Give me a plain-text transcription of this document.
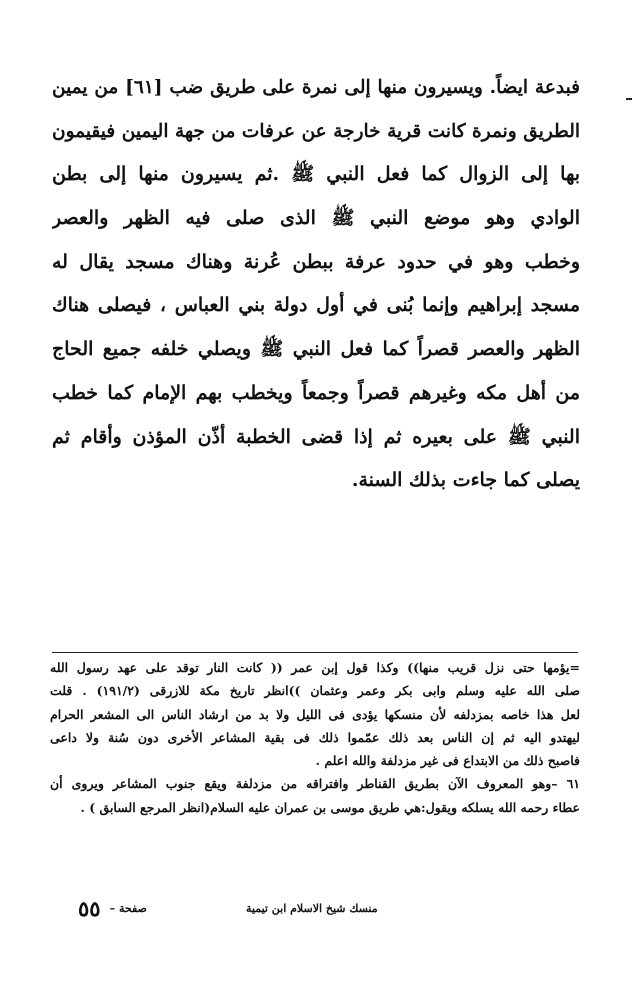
فبدعة ايضاً. ويسيرون منها إلى نمرة على طريق ضب [٦١] من يمين
الطريق ونمرة كانت قرية خارجة عن عرفات من جهة اليمين فيقيمون
بها إلى الزوال كما فعل النبي ﷺ .ثم يسيرون منها إلى بطن
الوادي وهو موضع النبي ﷺ الذى صلى فيه الظهر والعصر
وخطب وهو في حدود عرفة ببطن عُرنة وهناك مسجد يقال له
مسجد إبراهيم وإنما بُنى في أول دولة بني العباس ، فيصلى هناك
الظهر والعصر قصراً كما فعل النبي ﷺ ويصلي خلفه جميع الحاج
من أهل مكه وغيرهم قصراً وجمعاً ويخطب بهم الإمام كما خطب
النبي ﷺ على بعيره ثم إذا قضى الخطبة أذّن المؤذن وأقام ثم
يصلى كما جاءت بذلك السنة.
=يؤمها حتى نزل قريب منها)) وكذا قول إبن عمر (( كانت النار توقد على عهد رسول الله
صلى الله عليه وسلم وابى بكر وعمر وعثمان ))انظر تاريخ مكة للازرقى (١٩١/٢) . قلت
لعل هذا خاصه بمزدلفه لأن منسكها يؤدى فى الليل ولا بد من ارشاد الناس الى المشعر الحرام
ليهتدو اليه ثم إن الناس بعد ذلك عمّموا ذلك فى بقية المشاعر الأخرى دون سُنة ولا داعى
فاصبح ذلك من الابتداع فى غير مزدلفة والله اعلم .
٦١ –وهو المعروف الآن بطريق القناطر وافتراقه من مزدلفة ويقع جنوب المشاعر ويروى أن
عطاء رحمه الله يسلكه ويقول:هي طريق موسى بن عمران عليه السلام(انظر المرجع السابق ) .
منسك شيخ الاسلام ابن تيمية
صفحة – ٥٥
